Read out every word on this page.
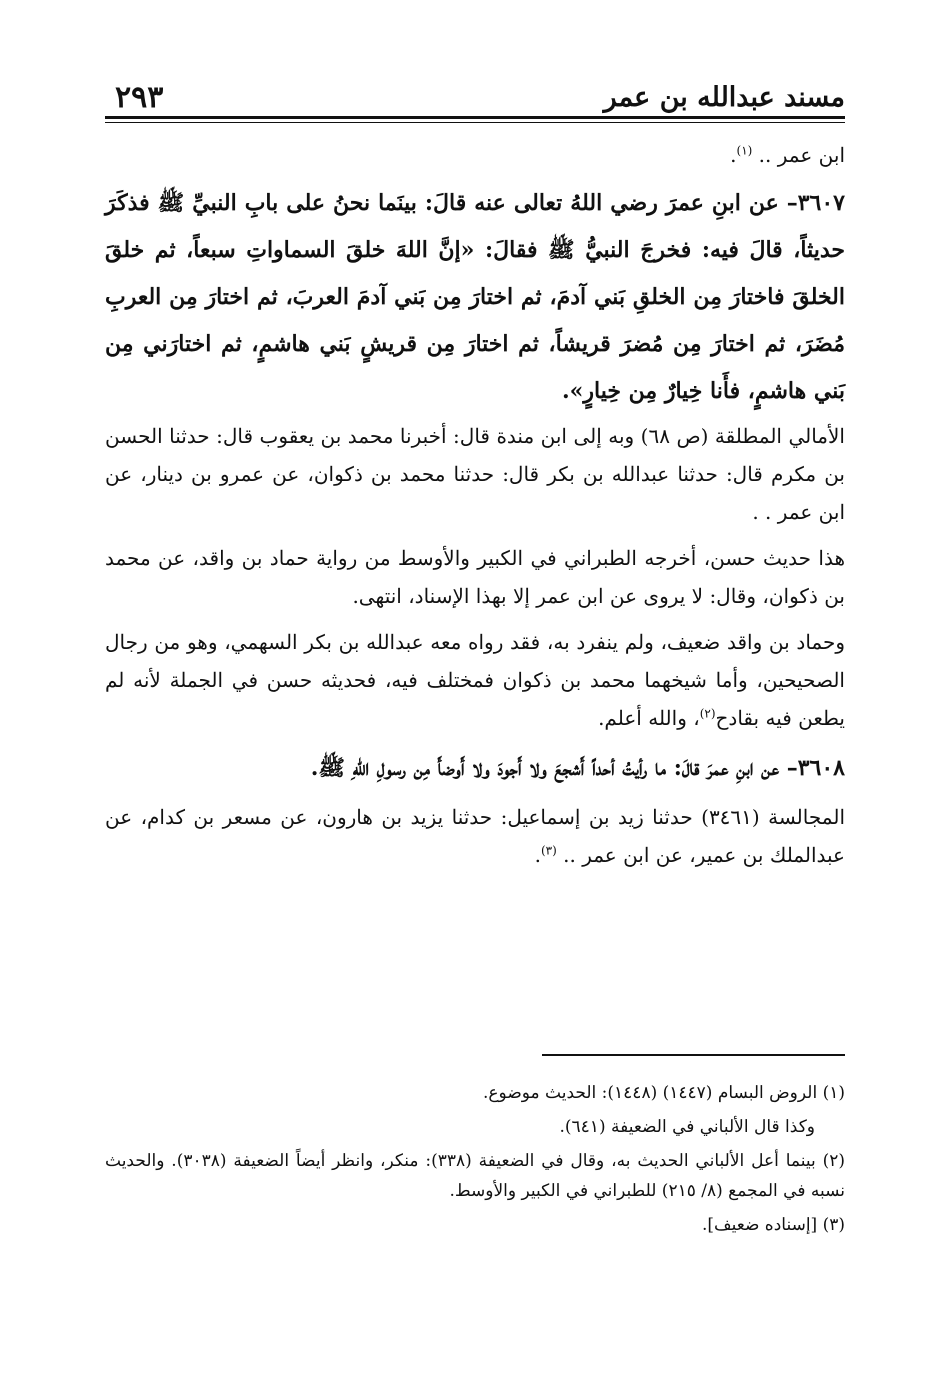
مسند عبدالله بن عمر
٢٩٣

ابن عمر .. $^{(١)}$.

٣٦٠٧– عن ابنِ عمرَ رضي اللهُ تعالى عنه قالَ: بينَما نحنُ على بابِ النبيِّ ﷺ فذكَرَ حديثاً، قالَ فيه: فخرجَ النبيُّ ﷺ فقالَ: «إنَّ اللهَ خلقَ السماواتِ سبعاً، ثم خلقَ الخلقَ فاختارَ مِن الخلقِ بَني آدمَ، ثم اختارَ مِن بَني آدمَ العربَ، ثم اختارَ مِن العربِ مُضَرَ، ثم اختارَ مِن مُضرَ قريشاً، ثم اختارَ مِن قريشٍ بَني هاشمٍ، ثم اختارَني مِن بَني هاشمٍ، فأَنا خِيارٌ مِن خِيارٍ».

الأمالي المطلقة (ص ٦٨) وبه إلى ابن مندة قال: أخبرنا محمد بن يعقوب قال: حدثنا الحسن بن مكرم قال: حدثنا عبدالله بن بكر قال: حدثنا محمد بن ذكوان، عن عمرو بن دينار، عن ابن عمر . .

هذا حديث حسن، أخرجه الطبراني في الكبير والأوسط من رواية حماد بن واقد، عن محمد بن ذكوان، وقال: لا يروى عن ابن عمر إلا بهذا الإسناد، انتهى.

وحماد بن واقد ضعيف، ولم ينفرد به، فقد رواه معه عبدالله بن بكر السهمي، وهو من رجال الصحيحين، وأما شيخهما محمد بن ذكوان فمختلف فيه، فحديثه حسن في الجملة لأنه لم يطعن فيه بقادح$^{(٢)}$، والله أعلم.

٣٦٠٨– عن ابنِ عمرَ قالَ: ما رأيتُ أحداً أَشجعَ ولا أَجودَ ولا أَوضأَ مِن رسولِ اللهِ ﷺ.

المجالسة (٣٤٦١) حدثنا زيد بن إسماعيل: حدثنا يزيد بن هارون، عن مسعر بن كدام، عن عبدالملك بن عمير، عن ابن عمر .. $^{(٣)}$.

(١) الروض البسام (١٤٤٧) (١٤٤٨): الحديث موضوع.

وكذا قال الألباني في الضعيفة (٦٤١).

(٢) بينما أعل الألباني الحديث به، وقال في الضعيفة (٣٣٨): منكر، وانظر أيضاً الضعيفة (٣٠٣٨). والحديث نسبه في المجمع (٨/ ٢١٥) للطبراني في الكبير والأوسط.

(٣) [إسناده ضعيف].
